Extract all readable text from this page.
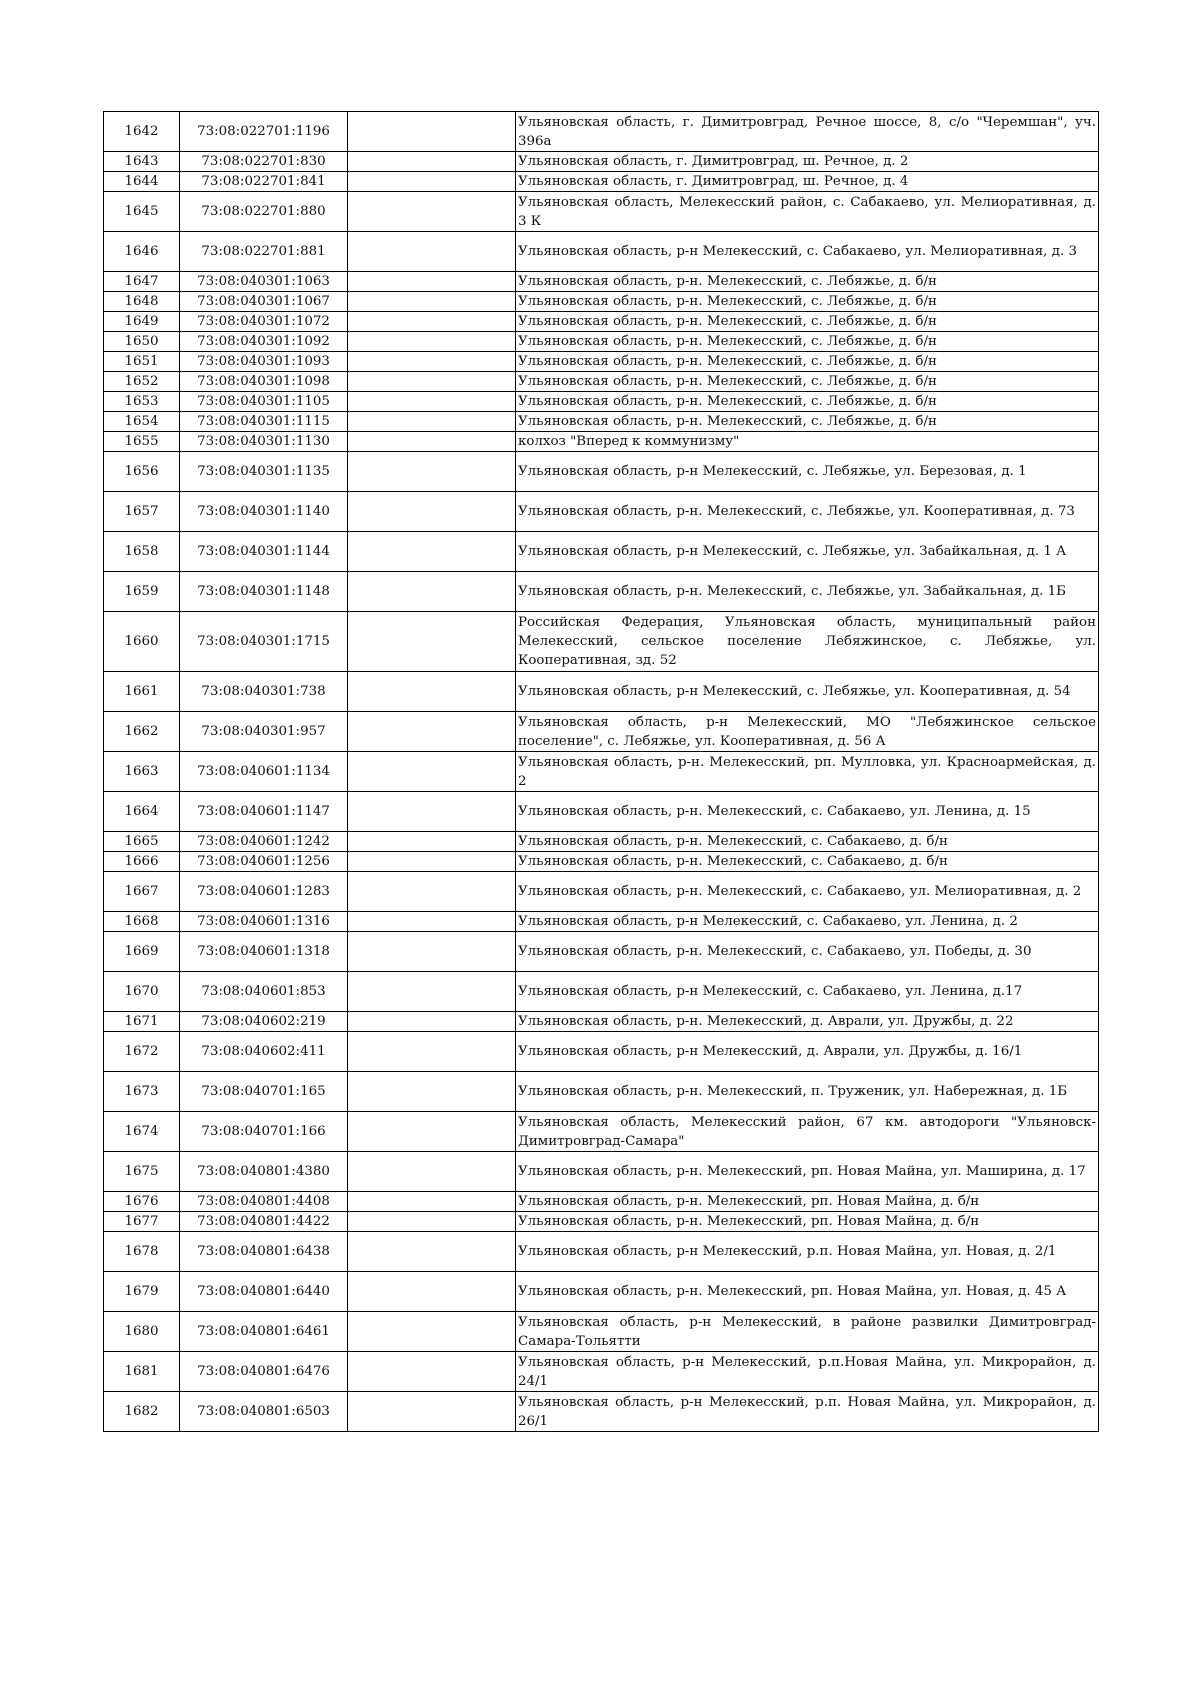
1642	73:08:022701:1196		Ульяновская область, г. Димитровград, Речное шоссе, 8, с/о "Черемшан", уч. 396а
1643	73:08:022701:830		Ульяновская область, г. Димитровград, ш. Речное, д. 2
1644	73:08:022701:841		Ульяновская область, г. Димитровград, ш. Речное, д. 4
1645	73:08:022701:880		Ульяновская область, Мелекесский район, с. Сабакаево, ул. Мелиоративная, д. 3 К
1646	73:08:022701:881		Ульяновская область, р-н Мелекесский, с. Сабакаево, ул. Мелиоративная, д. 3
1647	73:08:040301:1063		Ульяновская область, р-н. Мелекесский, с. Лебяжье, д. б/н
1648	73:08:040301:1067		Ульяновская область, р-н. Мелекесский, с. Лебяжье, д. б/н
1649	73:08:040301:1072		Ульяновская область, р-н. Мелекесский, с. Лебяжье, д. б/н
1650	73:08:040301:1092		Ульяновская область, р-н. Мелекесский, с. Лебяжье, д. б/н
1651	73:08:040301:1093		Ульяновская область, р-н. Мелекесский, с. Лебяжье, д. б/н
1652	73:08:040301:1098		Ульяновская область, р-н. Мелекесский, с. Лебяжье, д. б/н
1653	73:08:040301:1105		Ульяновская область, р-н. Мелекесский, с. Лебяжье, д. б/н
1654	73:08:040301:1115		Ульяновская область, р-н. Мелекесский, с. Лебяжье, д. б/н
1655	73:08:040301:1130		колхоз "Вперед к коммунизму"
1656	73:08:040301:1135		Ульяновская область, р-н Мелекесский, с. Лебяжье, ул. Березовая, д. 1
1657	73:08:040301:1140		Ульяновская область, р-н. Мелекесский, с. Лебяжье, ул. Кооперативная, д. 73
1658	73:08:040301:1144		Ульяновская область, р-н Мелекесский, с. Лебяжье, ул. Забайкальная, д. 1 А
1659	73:08:040301:1148		Ульяновская область, р-н. Мелекесский, с. Лебяжье, ул. Забайкальная, д. 1Б
1660	73:08:040301:1715		Российская Федерация, Ульяновская область, муниципальный район Мелекесский, сельское поселение Лебяжинское, с. Лебяжье, ул. Кооперативная, зд. 52
1661	73:08:040301:738		Ульяновская область, р-н Мелекесский, с. Лебяжье, ул. Кооперативная, д. 54
1662	73:08:040301:957		Ульяновская область, р-н Мелекесский, МО "Лебяжинское сельское поселение", с. Лебяжье, ул. Кооперативная, д. 56 А
1663	73:08:040601:1134		Ульяновская область, р-н. Мелекесский, рп. Мулловка, ул. Красноармейская, д. 2
1664	73:08:040601:1147		Ульяновская область, р-н. Мелекесский, с. Сабакаево, ул. Ленина, д. 15
1665	73:08:040601:1242		Ульяновская область, р-н. Мелекесский, с. Сабакаево, д. б/н
1666	73:08:040601:1256		Ульяновская область, р-н. Мелекесский, с. Сабакаево, д. б/н
1667	73:08:040601:1283		Ульяновская область, р-н. Мелекесский, с. Сабакаево, ул. Мелиоративная, д. 2
1668	73:08:040601:1316		Ульяновская область, р-н Мелекесский, с. Сабакаево, ул. Ленина, д. 2
1669	73:08:040601:1318		Ульяновская область, р-н. Мелекесский, с. Сабакаево, ул. Победы, д. 30
1670	73:08:040601:853		Ульяновская область, р-н Мелекесский, с. Сабакаево, ул. Ленина, д.17
1671	73:08:040602:219		Ульяновская область, р-н. Мелекесский, д. Аврали, ул. Дружбы, д. 22
1672	73:08:040602:411		Ульяновская область, р-н Мелекесский, д. Аврали, ул. Дружбы, д. 16/1
1673	73:08:040701:165		Ульяновская область, р-н. Мелекесский, п. Труженик, ул. Набережная, д. 1Б
1674	73:08:040701:166		Ульяновская область, Мелекесский район, 67 км. автодороги "Ульяновск-Димитровград-Самара"
1675	73:08:040801:4380		Ульяновская область, р-н. Мелекесский, рп. Новая Майна, ул. Маширина, д. 17
1676	73:08:040801:4408		Ульяновская область, р-н. Мелекесский, рп. Новая Майна, д. б/н
1677	73:08:040801:4422		Ульяновская область, р-н. Мелекесский, рп. Новая Майна, д. б/н
1678	73:08:040801:6438		Ульяновская область, р-н Мелекесский, р.п. Новая Майна, ул. Новая, д. 2/1
1679	73:08:040801:6440		Ульяновская область, р-н. Мелекесский, рп. Новая Майна, ул. Новая, д. 45 А
1680	73:08:040801:6461		Ульяновская область, р-н Мелекесский, в районе развилки Димитровград-Самара-Тольятти
1681	73:08:040801:6476		Ульяновская область, р-н Мелекесский, р.п.Новая Майна, ул. Микрорайон, д. 24/1
1682	73:08:040801:6503		Ульяновская область, р-н Мелекесский, р.п. Новая Майна, ул. Микрорайон, д. 26/1
